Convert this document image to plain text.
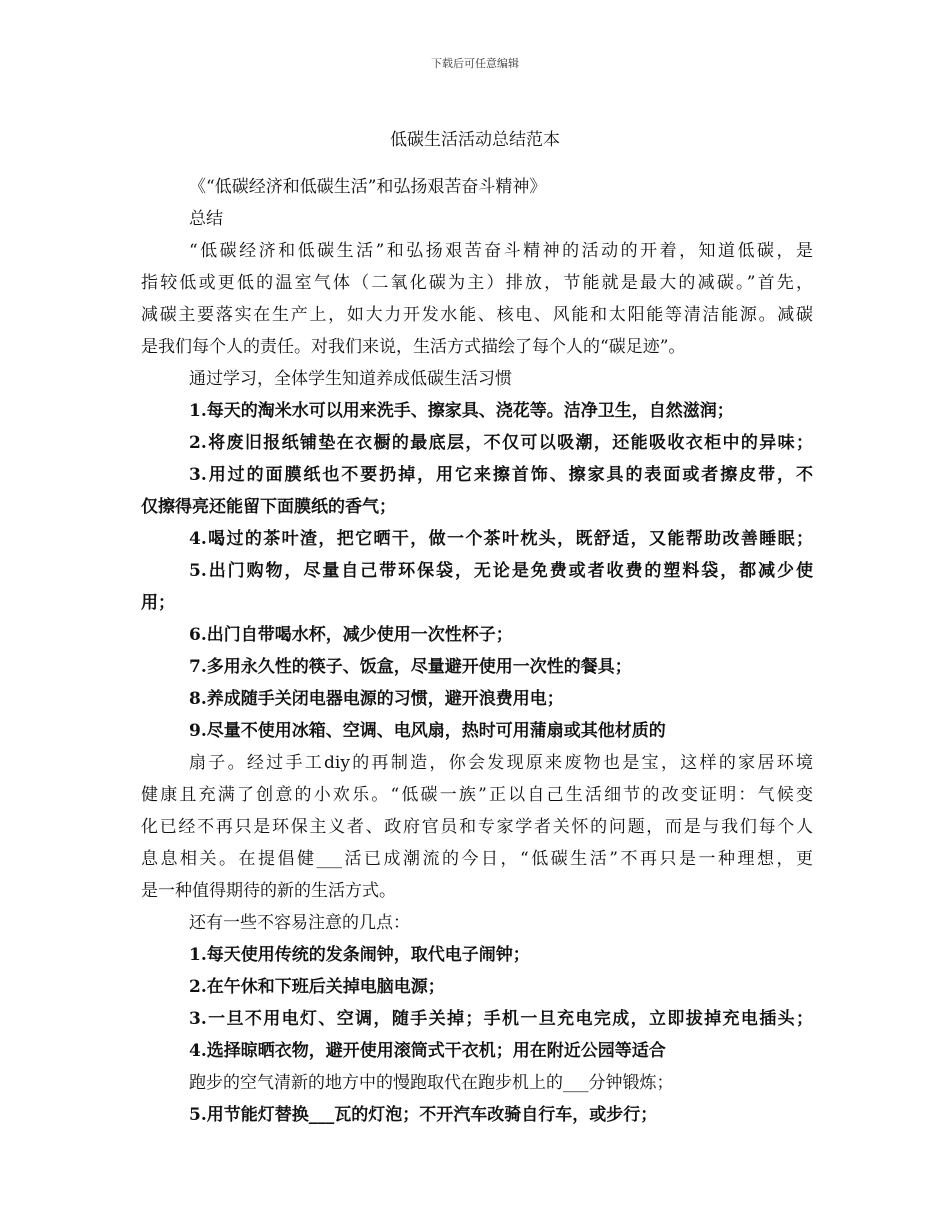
下载后可任意编辑
低碳生活活动总结范本
《“低碳经济和低碳生活”和弘扬艰苦奋斗精神》
总结
“低碳经济和低碳生活”和弘扬艰苦奋斗精神的活动的开着，知道低碳，是
指较低或更低的温室气体（二氧化碳为主）排放，节能就是最大的减碳。”首先，
减碳主要落实在生产上，如大力开发水能、核电、风能和太阳能等清洁能源。减碳
是我们每个人的责任。对我们来说，生活方式描绘了每个人的“碳足迹”。
通过学习，全体学生知道养成低碳生活习惯
1.每天的淘米水可以用来洗手、擦家具、浇花等。洁净卫生，自然滋润；
2.将废旧报纸铺垫在衣橱的最底层，不仅可以吸潮，还能吸收衣柜中的异味；
3.用过的面膜纸也不要扔掉，用它来擦首饰、擦家具的表面或者擦皮带，不
仅擦得亮还能留下面膜纸的香气；
4.喝过的茶叶渣，把它晒干，做一个茶叶枕头，既舒适，又能帮助改善睡眠；
5.出门购物，尽量自己带环保袋，无论是免费或者收费的塑料袋，都减少使
用；
6.出门自带喝水杯，减少使用一次性杯子；
7.多用永久性的筷子、饭盒，尽量避开使用一次性的餐具；
8.养成随手关闭电器电源的习惯，避开浪费用电；
9.尽量不使用冰箱、空调、电风扇，热时可用蒲扇或其他材质的
扇子。经过手工diy的再制造，你会发现原来废物也是宝，这样的家居环境
健康且充满了创意的小欢乐。“低碳一族”正以自己生活细节的改变证明：气候变
化已经不再只是环保主义者、政府官员和专家学者关怀的问题，而是与我们每个人
息息相关。在提倡健___活已成潮流的今日，“低碳生活”不再只是一种理想，更
是一种值得期待的新的生活方式。
还有一些不容易注意的几点：
1.每天使用传统的发条闹钟，取代电子闹钟；
2.在午休和下班后关掉电脑电源；
3.一旦不用电灯、空调，随手关掉；手机一旦充电完成，立即拔掉充电插头；
4.选择晾晒衣物，避开使用滚筒式干衣机；用在附近公园等适合
跑步的空气清新的地方中的慢跑取代在跑步机上的___分钟锻炼；
5.用节能灯替换___瓦的灯泡；不开汽车改骑自行车，或步行；
